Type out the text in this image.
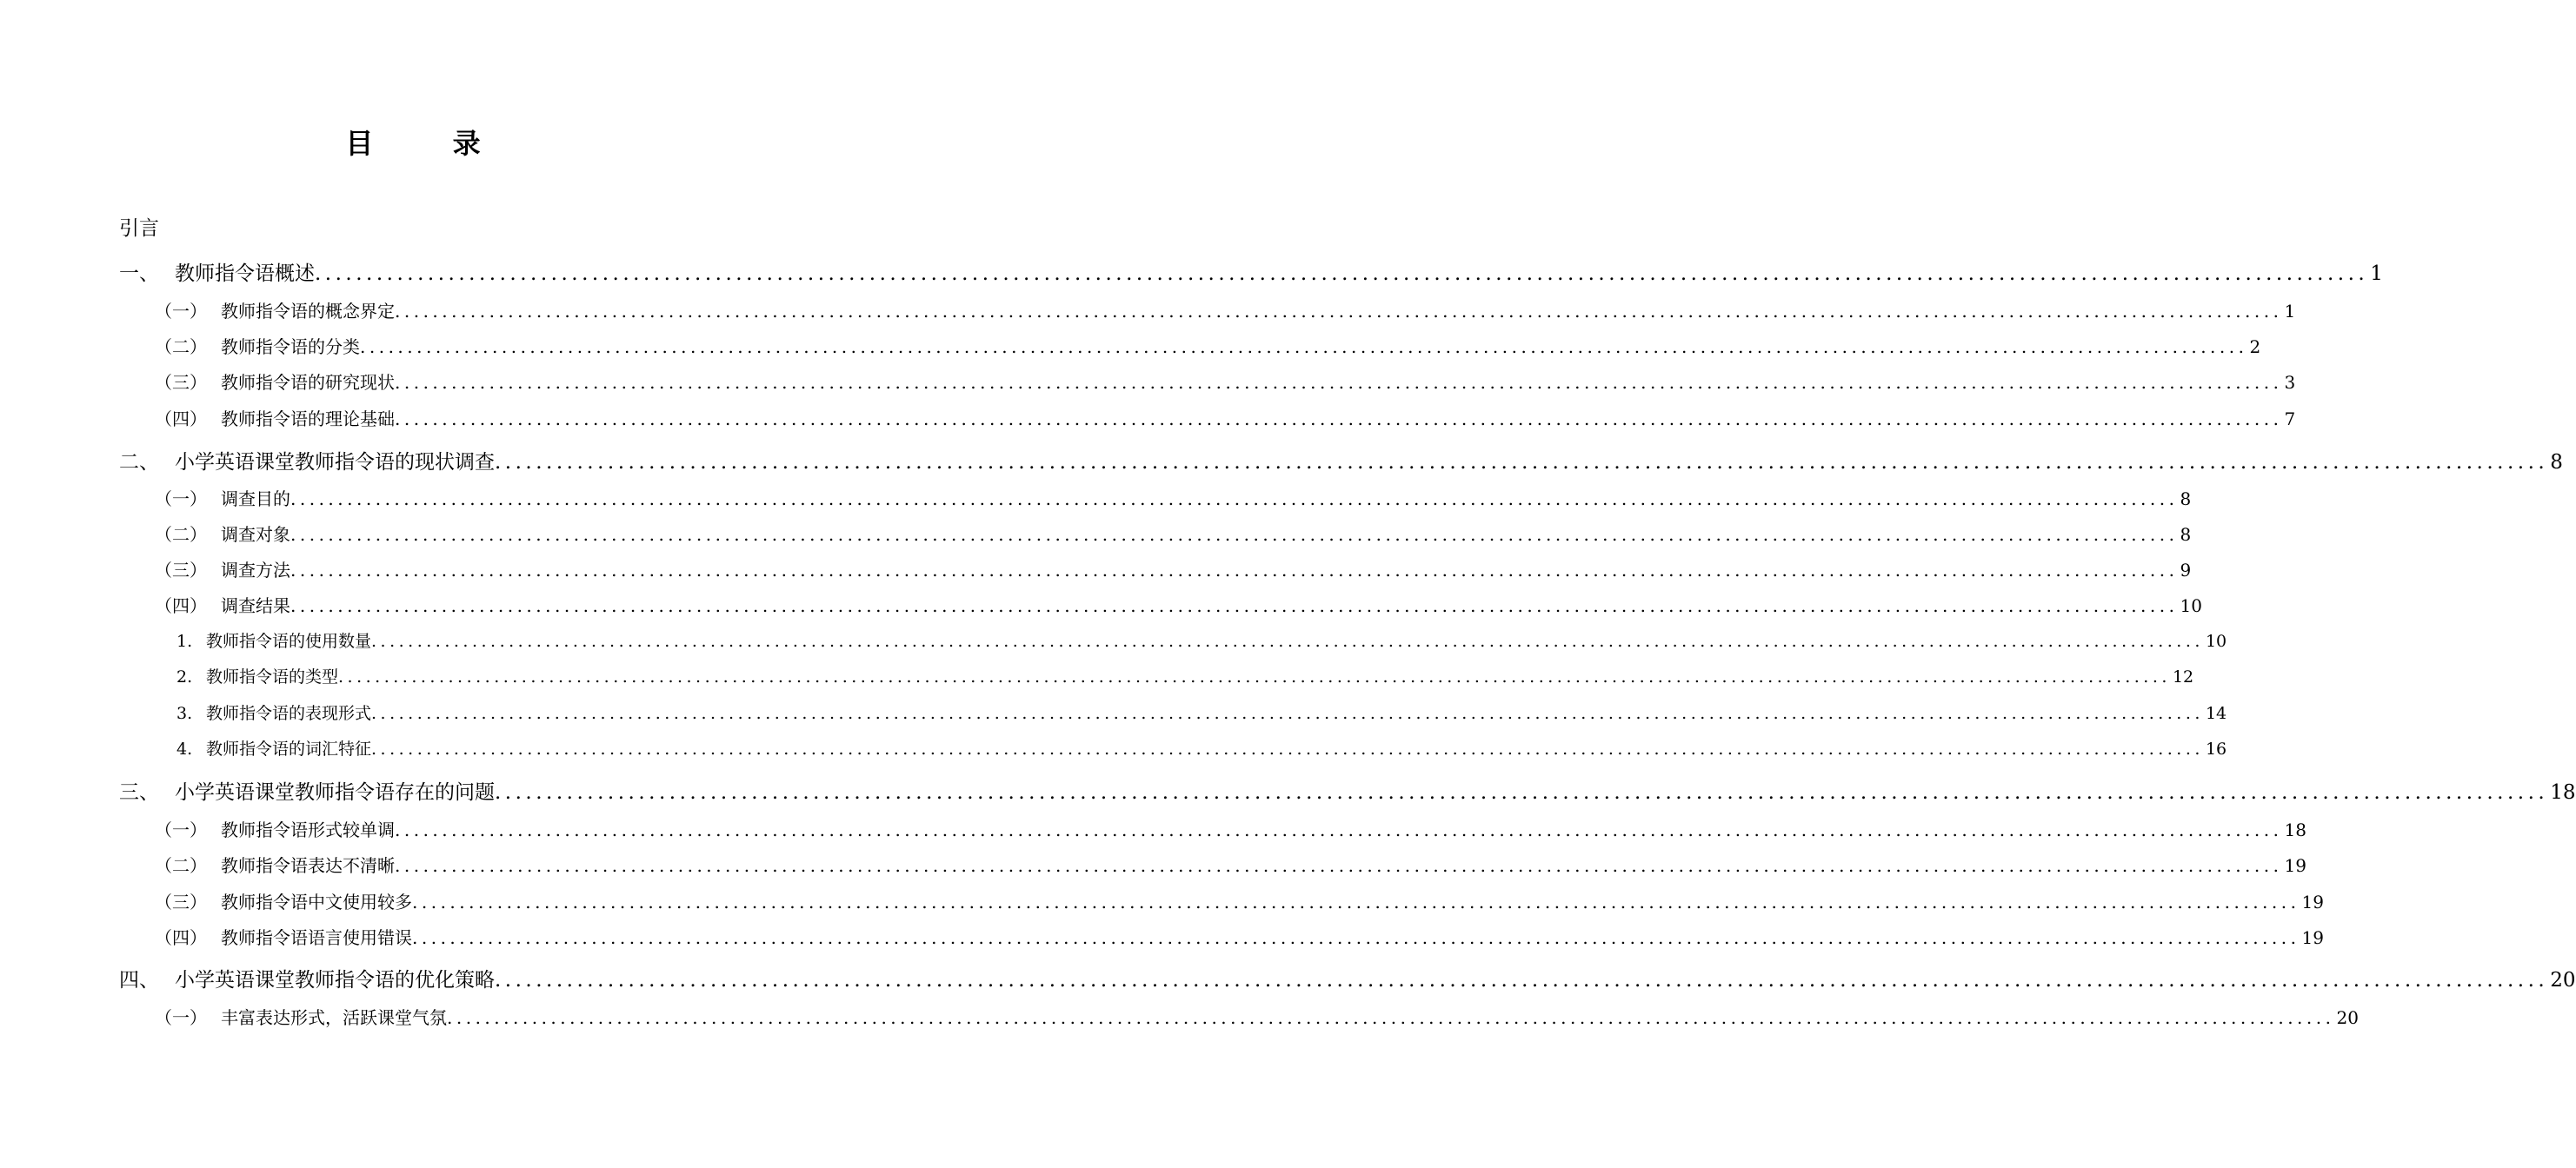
目 录
引言
一、 教师指令语概述 ........................................................................................................................................................................................................ 1
（一） 教师指令语的概念界定 ........................................................................................................................................................................................................ 1
（二） 教师指令语的分类 ........................................................................................................................................................................................................ 2
（三） 教师指令语的研究现状 ........................................................................................................................................................................................................ 3
（四） 教师指令语的理论基础 ........................................................................................................................................................................................................ 7
二、 小学英语课堂教师指令语的现状调查 ........................................................................................................................................................................................................ 8
（一） 调查目的 ........................................................................................................................................................................................................ 8
（二） 调查对象 ........................................................................................................................................................................................................ 8
（三） 调查方法 ........................................................................................................................................................................................................ 9
（四） 调查结果 ........................................................................................................................................................................................................ 10
1. 教师指令语的使用数量 ........................................................................................................................................................................................................ 10
2. 教师指令语的类型 ........................................................................................................................................................................................................ 12
3. 教师指令语的表现形式 ........................................................................................................................................................................................................ 14
4. 教师指令语的词汇特征 ........................................................................................................................................................................................................ 16
三、 小学英语课堂教师指令语存在的问题 ........................................................................................................................................................................................................ 18
（一） 教师指令语形式较单调 ........................................................................................................................................................................................................ 18
（二） 教师指令语表达不清晰 ........................................................................................................................................................................................................ 19
（三） 教师指令语中文使用较多 ........................................................................................................................................................................................................ 19
（四） 教师指令语语言使用错误 ........................................................................................................................................................................................................ 19
四、 小学英语课堂教师指令语的优化策略 ........................................................................................................................................................................................................ 20
（一） 丰富表达形式，活跃课堂气氛 ........................................................................................................................................................................................................ 20
